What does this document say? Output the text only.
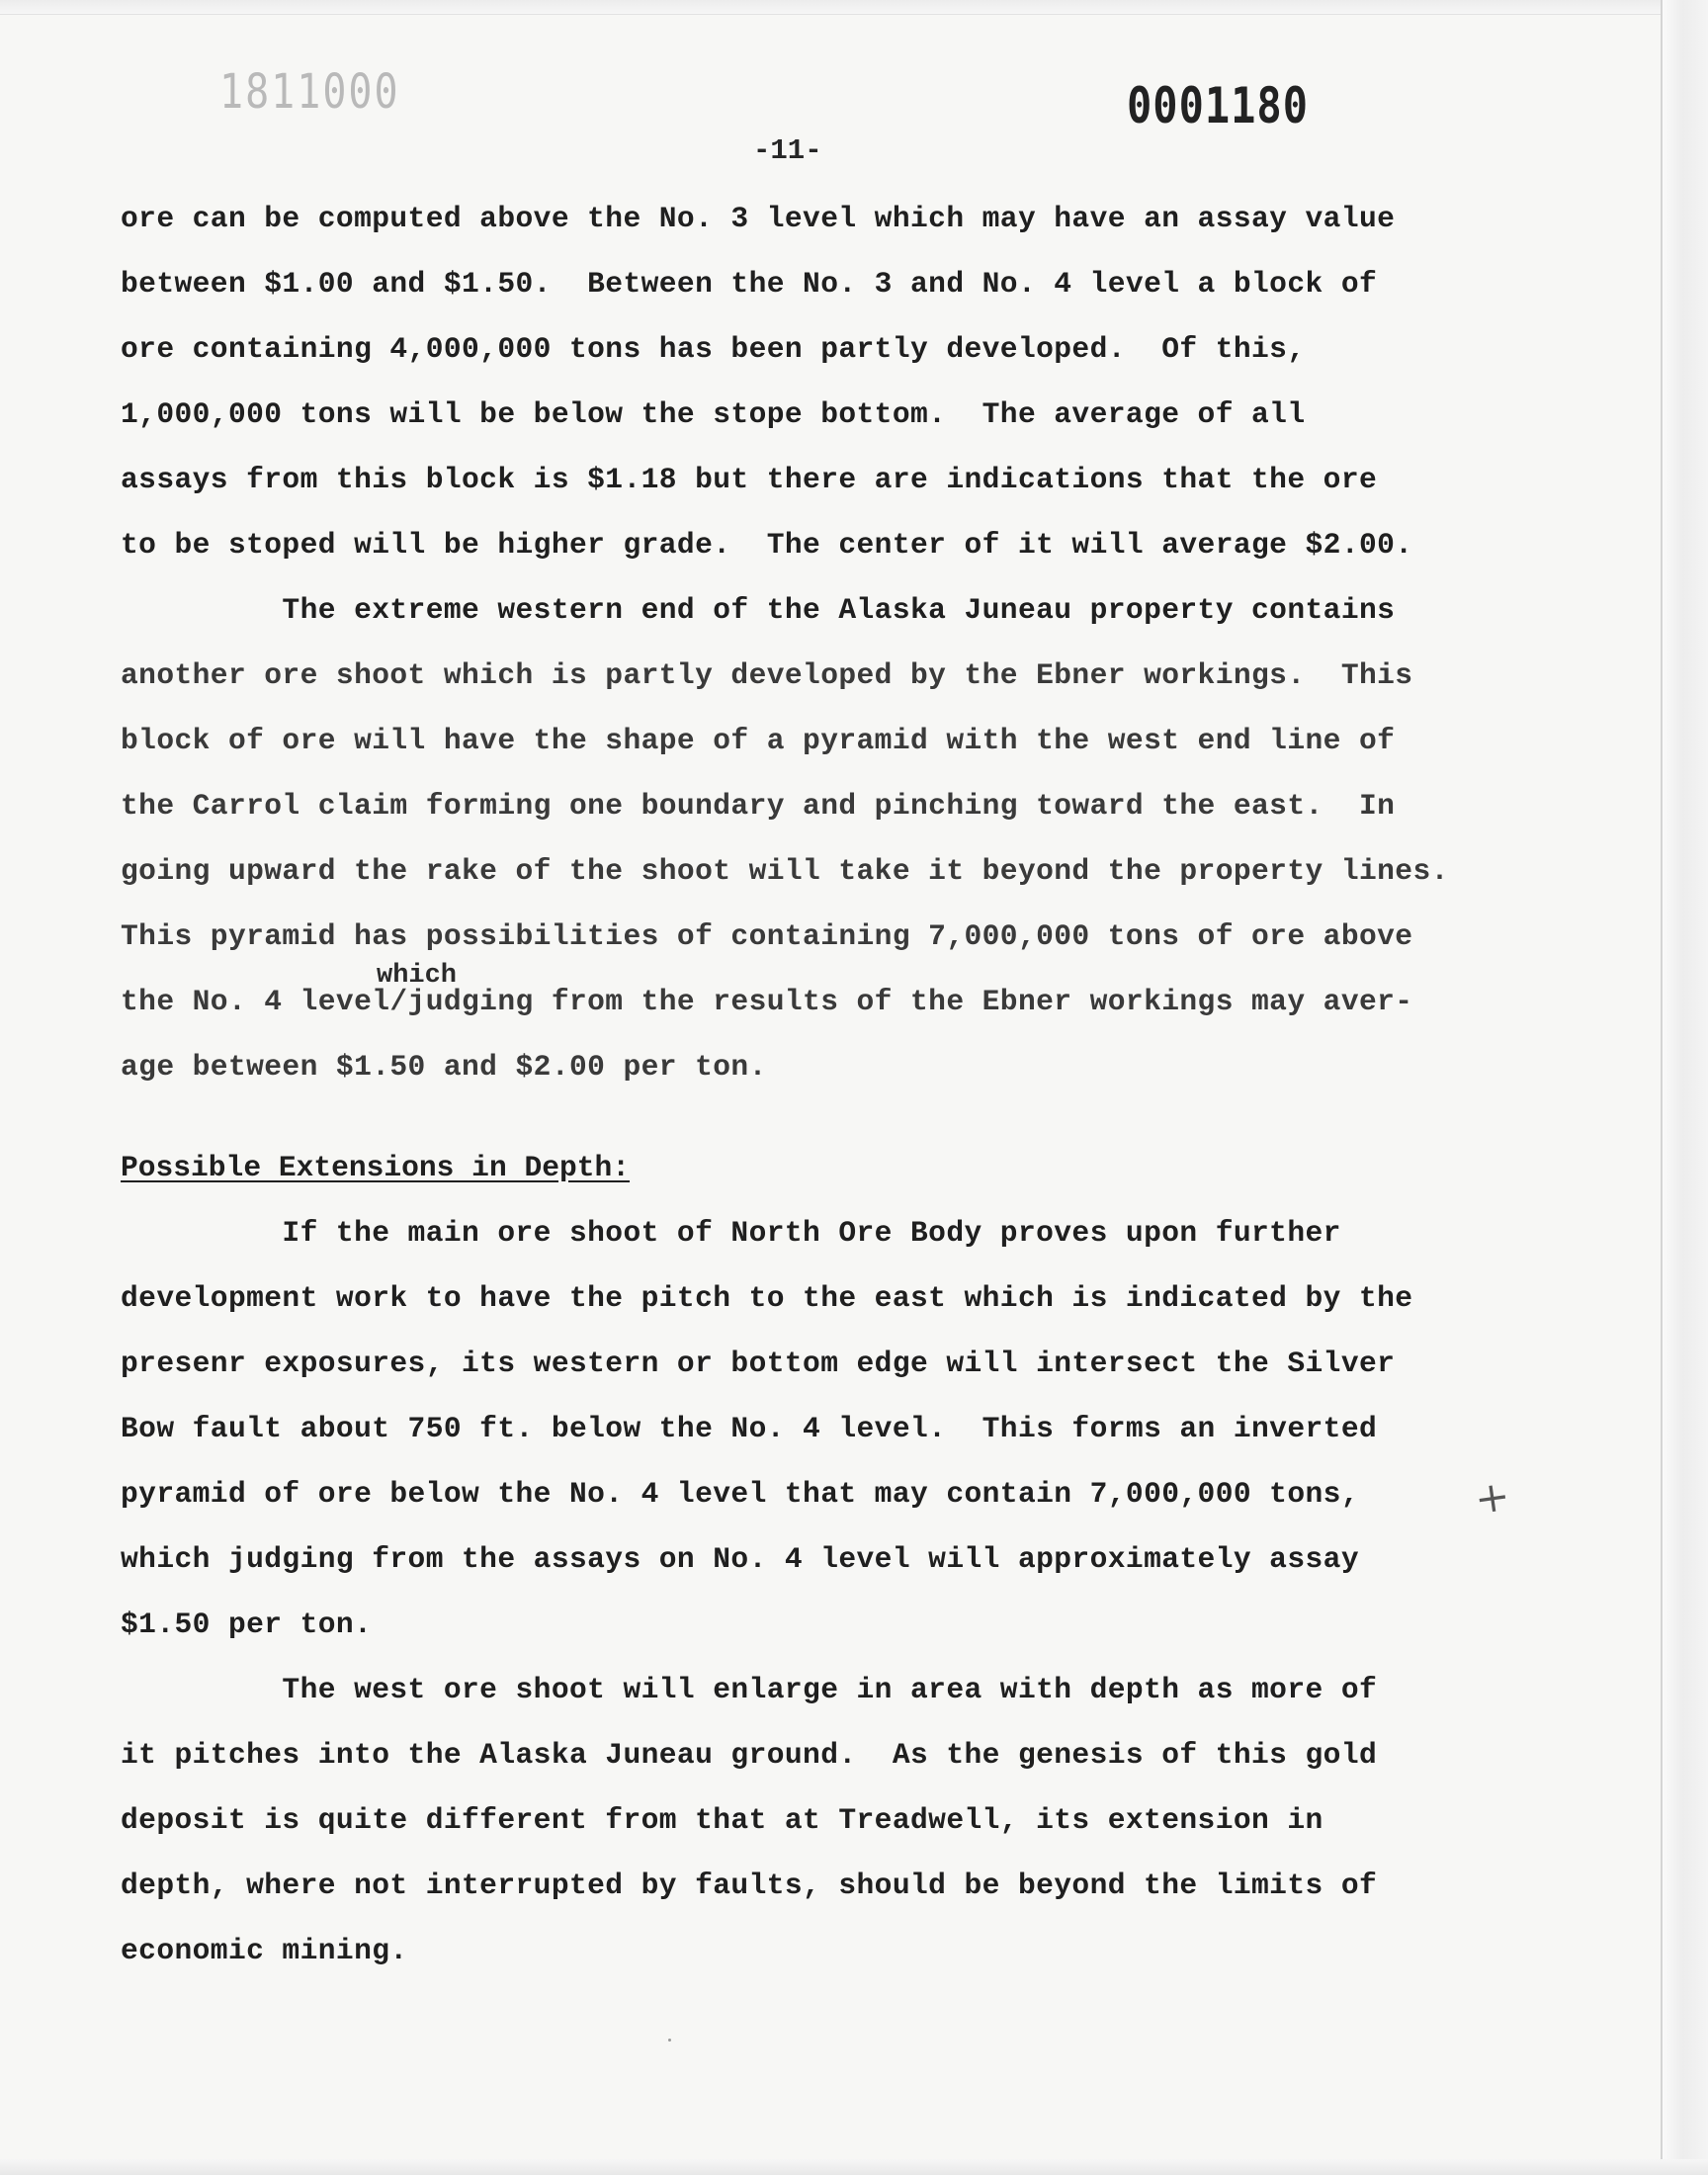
1811000	0001180
-11-
ore can be computed above the No. 3 level which may have an assay value
between $1.00 and $1.50.  Between the No. 3 and No. 4 level a block of
ore containing 4,000,000 tons has been partly developed.  Of this,
1,000,000 tons will be below the stope bottom.  The average of all
assays from this block is $1.18 but there are indications that the ore
to be stoped will be higher grade.  The center of it will average $2.00.
The extreme western end of the Alaska Juneau property contains
another ore shoot which is partly developed by the Ebner workings.  This
block of ore will have the shape of a pyramid with the west end line of
the Carrol claim forming one boundary and pinching toward the east.  In
going upward the rake of the shoot will take it beyond the property lines.
This pyramid has possibilities of containing 7,000,000 tons of ore above
which
the No. 4 level/judging from the results of the Ebner workings may aver-
age between $1.50 and $2.00 per ton.
Possible Extensions in Depth:
If the main ore shoot of North Ore Body proves upon further
development work to have the pitch to the east which is indicated by the
presenr exposures, its western or bottom edge will intersect the Silver
Bow fault about 750 ft. below the No. 4 level.  This forms an inverted
pyramid of ore below the No. 4 level that may contain 7,000,000 tons,	+
which judging from the assays on No. 4 level will approximately assay
$1.50 per ton.
The west ore shoot will enlarge in area with depth as more of
it pitches into the Alaska Juneau ground.  As the genesis of this gold
deposit is quite different from that at Treadwell, its extension in
depth, where not interrupted by faults, should be beyond the limits of
economic mining.
